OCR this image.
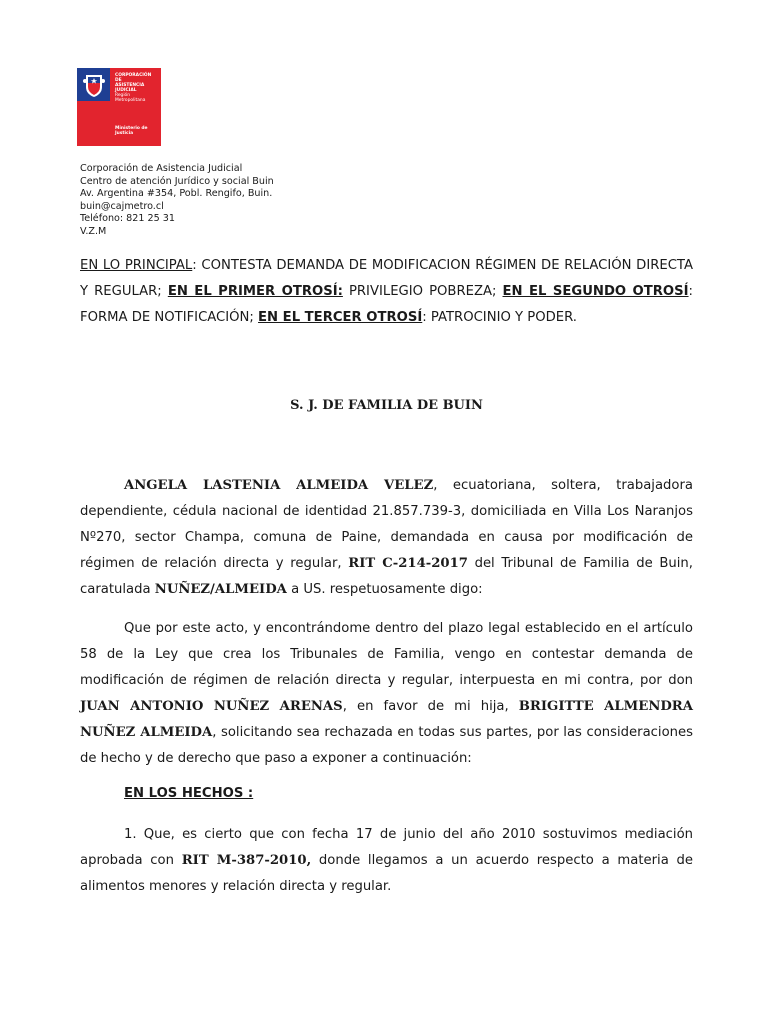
CORPORACIÓN DE
ASISTENCIA
JUDICIAL
Región Metropolitana
Ministerio de
Justicia
Corporación de Asistencia Judicial
Centro de atención Jurídico y social Buin
Av. Argentina #354, Pobl. Rengifo, Buin.
buin@cajmetro.cl
Teléfono: 821 25 31
V.Z.M
EN LO PRINCIPAL: CONTESTA DEMANDA DE MODIFICACION RÉGIMEN DE RELACIÓN DIRECTA Y REGULAR; EN EL PRIMER OTROSÍ: PRIVILEGIO POBREZA; EN EL SEGUNDO OTROSÍ: FORMA DE NOTIFICACIÓN; EN EL TERCER OTROSÍ: PATROCINIO Y PODER.
S. J. DE FAMILIA DE BUIN
ANGELA LASTENIA ALMEIDA VELEZ, ecuatoriana, soltera, trabajadora dependiente, cédula nacional de identidad 21.857.739-3, domiciliada en Villa Los Naranjos Nº270, sector Champa, comuna de Paine, demandada en causa por modificación de régimen de relación directa y regular, RIT C-214-2017 del Tribunal de Familia de Buin, caratulada NUÑEZ/ALMEIDA a US. respetuosamente digo:
Que por este acto, y encontrándome dentro del plazo legal establecido en el artículo 58 de la Ley que crea los Tribunales de Familia, vengo en contestar demanda de modificación de régimen de relación directa y regular, interpuesta en mi contra, por don JUAN ANTONIO NUÑEZ ARENAS, en favor de mi hija, BRIGITTE ALMENDRA NUÑEZ ALMEIDA, solicitando sea rechazada en todas sus partes, por las consideraciones de hecho y de derecho que paso a exponer a continuación:
EN LOS HECHOS :
1. Que, es cierto que con fecha 17 de junio del año 2010 sostuvimos mediación aprobada con RIT M-387-2010, donde llegamos a un acuerdo respecto a materia de alimentos menores y relación directa y regular.
